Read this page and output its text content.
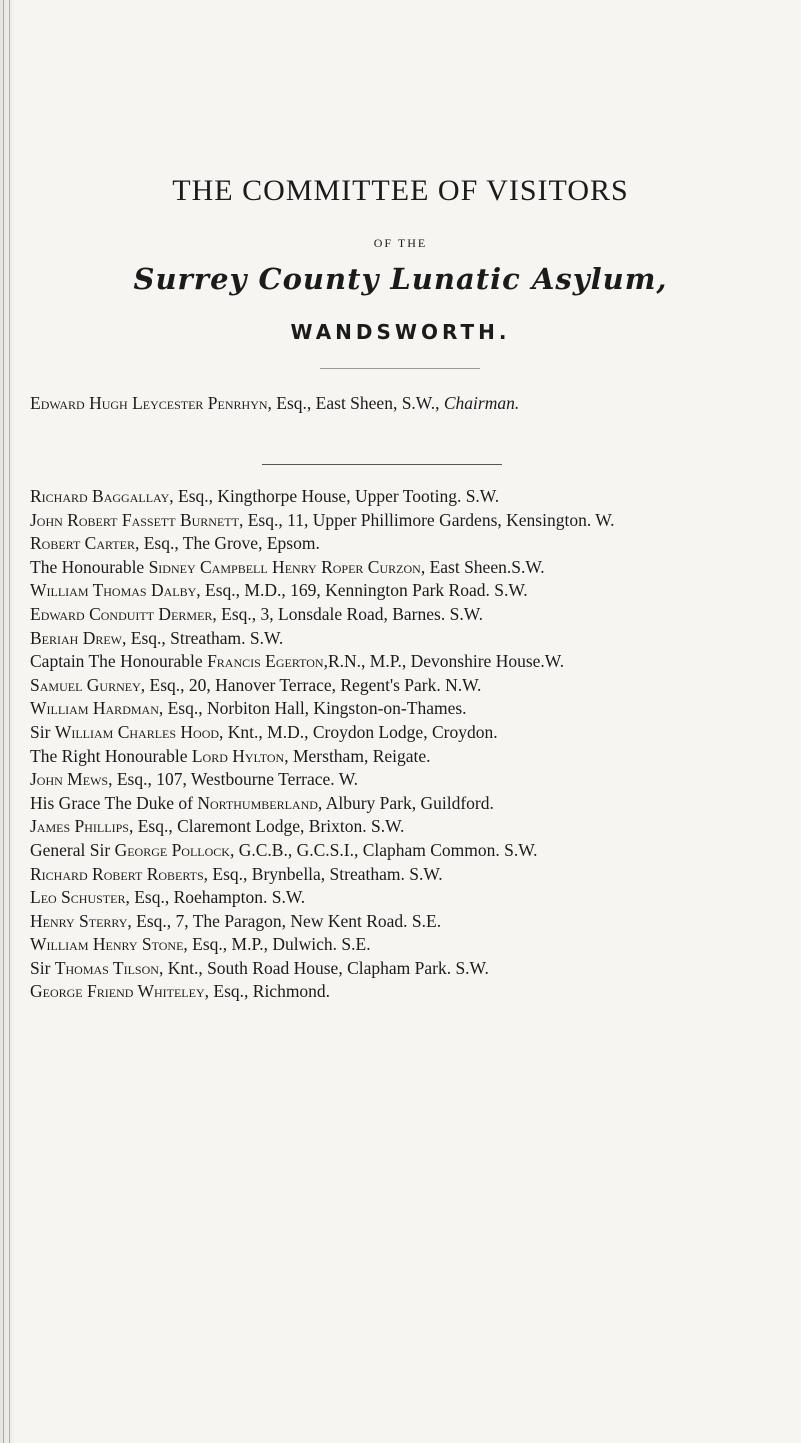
THE COMMITTEE OF VISITORS
OF THE
Surrey County Lunatic Asylum,
WANDSWORTH.
Edward Hugh Leycester Penrhyn, Esq., East Sheen, S.W., Chairman.
Richard Baggallay, Esq., Kingthorpe House, Upper Tooting. S.W.
John Robert Fassett Burnett, Esq., 11, Upper Phillimore Gardens, Kensington. W.
Robert Carter, Esq., The Grove, Epsom.
The Honourable Sidney Campbell Henry Roper Curzon, East Sheen.S.W.
William Thomas Dalby, Esq., M.D., 169, Kennington Park Road. S.W.
Edward Conduitt Dermer, Esq., 3, Lonsdale Road, Barnes. S.W.
Beriah Drew, Esq., Streatham. S.W.
Captain The Honourable Francis Egerton,R.N., M.P., Devonshire House.W.
Samuel Gurney, Esq., 20, Hanover Terrace, Regent's Park. N.W.
William Hardman, Esq., Norbiton Hall, Kingston-on-Thames.
Sir William Charles Hood, Knt., M.D., Croydon Lodge, Croydon.
The Right Honourable Lord Hylton, Merstham, Reigate.
John Mews, Esq., 107, Westbourne Terrace. W.
His Grace The Duke of Northumberland, Albury Park, Guildford.
James Phillips, Esq., Claremont Lodge, Brixton. S.W.
General Sir George Pollock, G.C.B., G.C.S.I., Clapham Common. S.W.
Richard Robert Roberts, Esq., Brynbella, Streatham. S.W.
Leo Schuster, Esq., Roehampton. S.W.
Henry Sterry, Esq., 7, The Paragon, New Kent Road. S.E.
William Henry Stone, Esq., M.P., Dulwich. S.E.
Sir Thomas Tilson, Knt., South Road House, Clapham Park. S.W.
George Friend Whiteley, Esq., Richmond.
